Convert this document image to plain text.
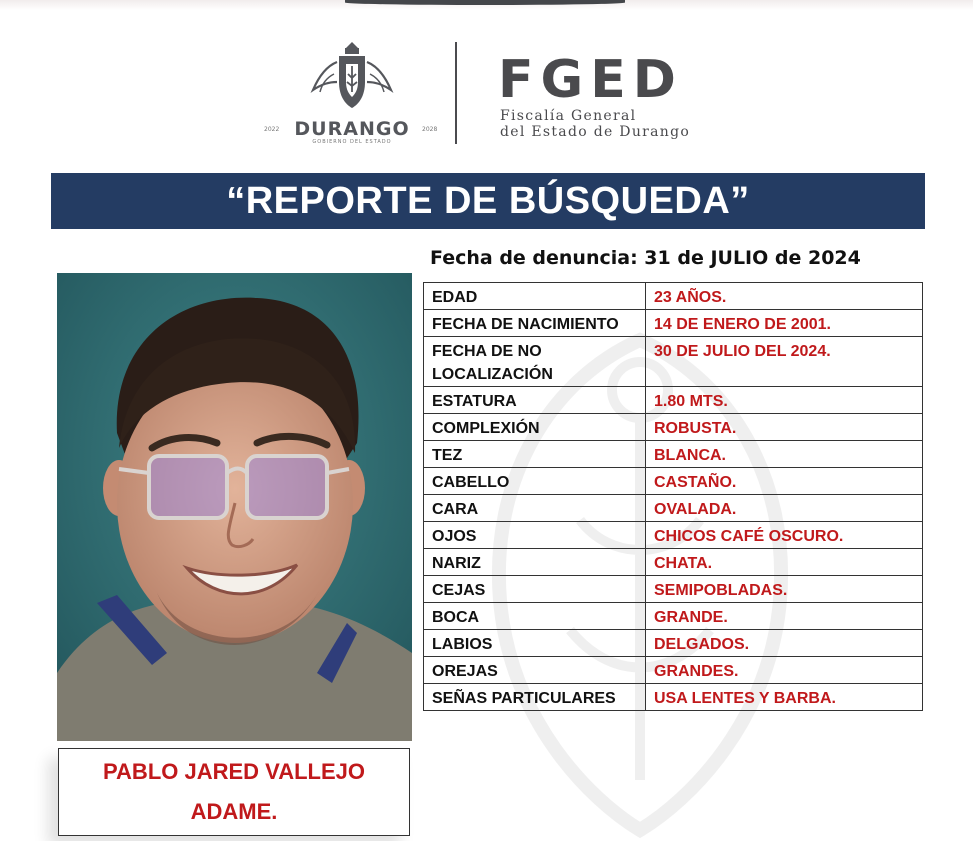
2022 DURANGO	2028
GOBIERNO DEL ESTADO
FGED
Fiscalía General
del Estado de Durango
“REPORTE DE BÚSQUEDA”
Fecha de denuncia: 31 de JULIO de 2024
EDAD	23 AÑOS.
FECHA DE NACIMIENTO	14 DE ENERO DE 2001.
FECHA DE NO LOCALIZACIÓN	30 DE JULIO DEL 2024.
ESTATURA	1.80 MTS.
COMPLEXIÓN	ROBUSTA.
TEZ	BLANCA.
CABELLO	CASTAÑO.
CARA	OVALADA.
OJOS	CHICOS CAFÉ OSCURO.
NARIZ	CHATA.
CEJAS	SEMIPOBLADAS.
BOCA	GRANDE.
LABIOS	DELGADOS.
OREJAS	GRANDES.
SEÑAS PARTICULARES	USA LENTES Y BARBA.
PABLO JARED VALLEJO
ADAME.
